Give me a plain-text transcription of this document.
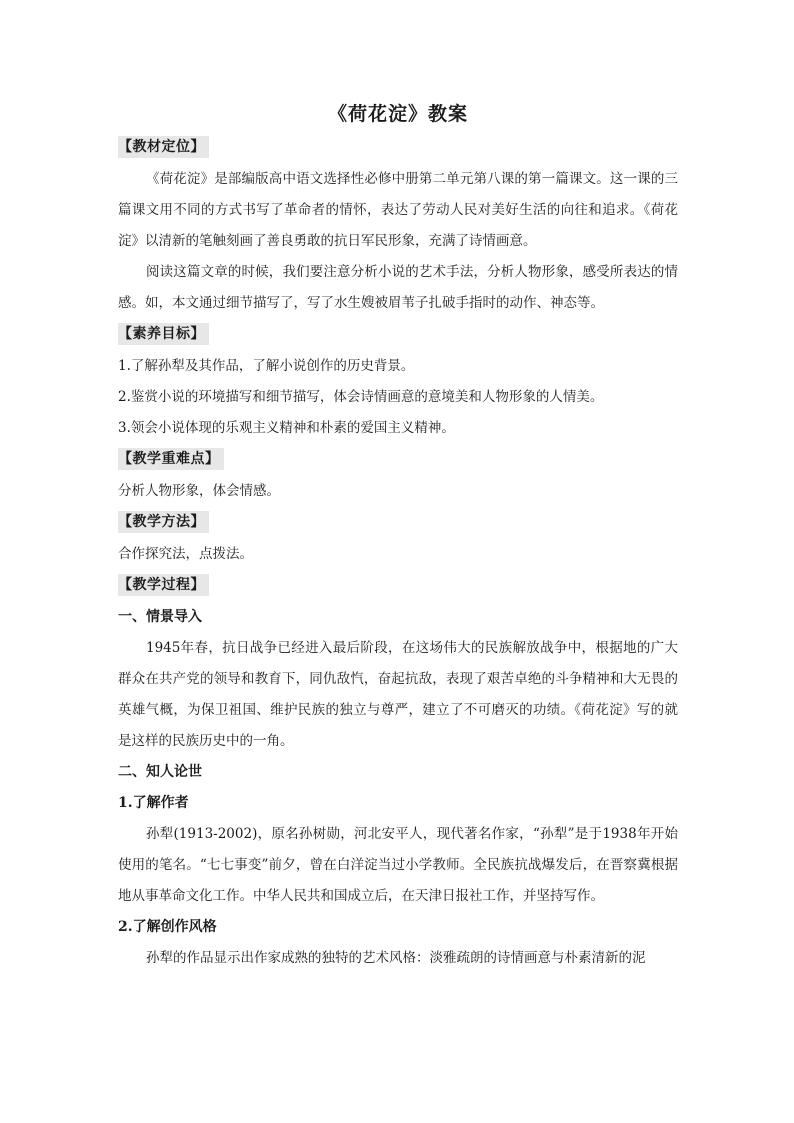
《荷花淀》教案
【教材定位】

《荷花淀》是部编版高中语文选择性必修中册第二单元第八课的第一篇课文。这一课的三篇课文用不同的方式书写了革命者的情怀，表达了劳动人民对美好生活的向往和追求。《荷花淀》以清新的笔触刻画了善良勇敢的抗日军民形象，充满了诗情画意。

阅读这篇文章的时候，我们要注意分析小说的艺术手法，分析人物形象，感受所表达的情感。如，本文通过细节描写了，写了水生嫂被眉苇子扎破手指时的动作、神态等。

【素养目标】

1.了解孙犁及其作品，了解小说创作的历史背景。

2.鉴赏小说的环境描写和细节描写，体会诗情画意的意境美和人物形象的人情美。

3.领会小说体现的乐观主义精神和朴素的爱国主义精神。

【教学重难点】

分析人物形象，体会情感。

【教学方法】

合作探究法，点拨法。

【教学过程】

一、情景导入

1945年春，抗日战争已经进入最后阶段，在这场伟大的民族解放战争中，根据地的广大群众在共产党的领导和教育下，同仇敌忾，奋起抗敌，表现了艰苦卓绝的斗争精神和大无畏的英雄气概，为保卫祖国、维护民族的独立与尊严，建立了不可磨灭的功绩。《荷花淀》写的就是这样的民族历史中的一角。

二、知人论世

1.了解作者

孙犁(1913-2002)，原名孙树勋，河北安平人，现代著名作家，“孙犁”是于1938年开始使用的笔名。“七七事变”前夕，曾在白洋淀当过小学教师。全民族抗战爆发后，在晋察冀根据地从事革命文化工作。中华人民共和国成立后，在天津日报社工作，并坚持写作。

2.了解创作风格

孙犁的作品显示出作家成熟的独特的艺术风格：淡雅疏朗的诗情画意与朴素清新的泥
